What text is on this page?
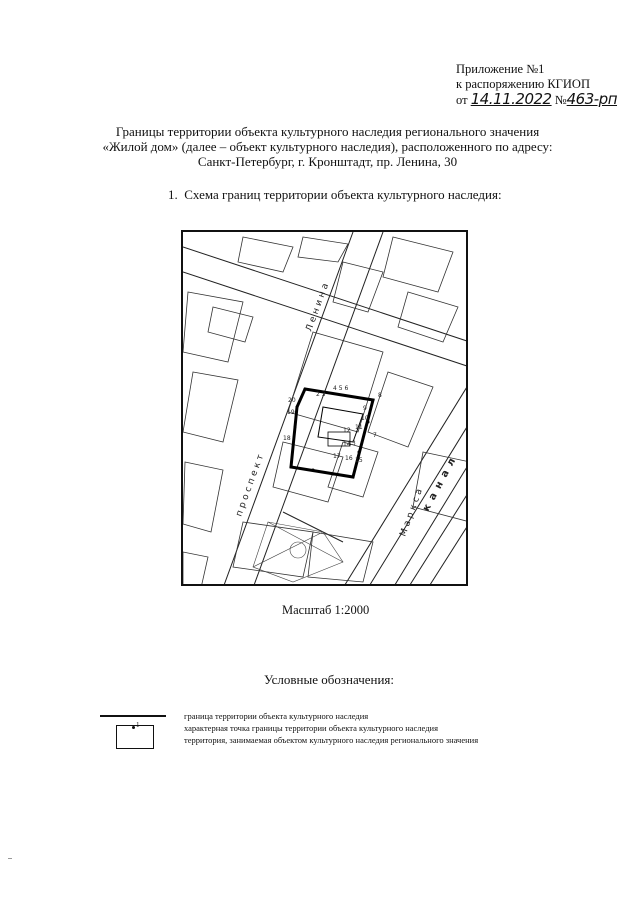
Приложение №1
к распоряжению КГИОП
от 14.11.2022 №463-рп
Границы территории объекта культурного наследия регионального значения
«Жилой дом» (далее – объект культурного наследия), расположенного по адресу:
Санкт-Петербург, г. Кронштадт, пр. Ленина, 30
1. Схема границ территории объекта культурного наследия:
4 5 6
2 3
20
19
9
10
11
13
17 16 15
18
14
12
7
8
Ленина
проспект	Маркса
канал
Масштаб 1:2000
Условные обозначения:
граница территории объекта культурного наследия
1	характерная точка границы территории объекта культурного наследия
территория, занимаемая объектом культурного наследия регионального значения
